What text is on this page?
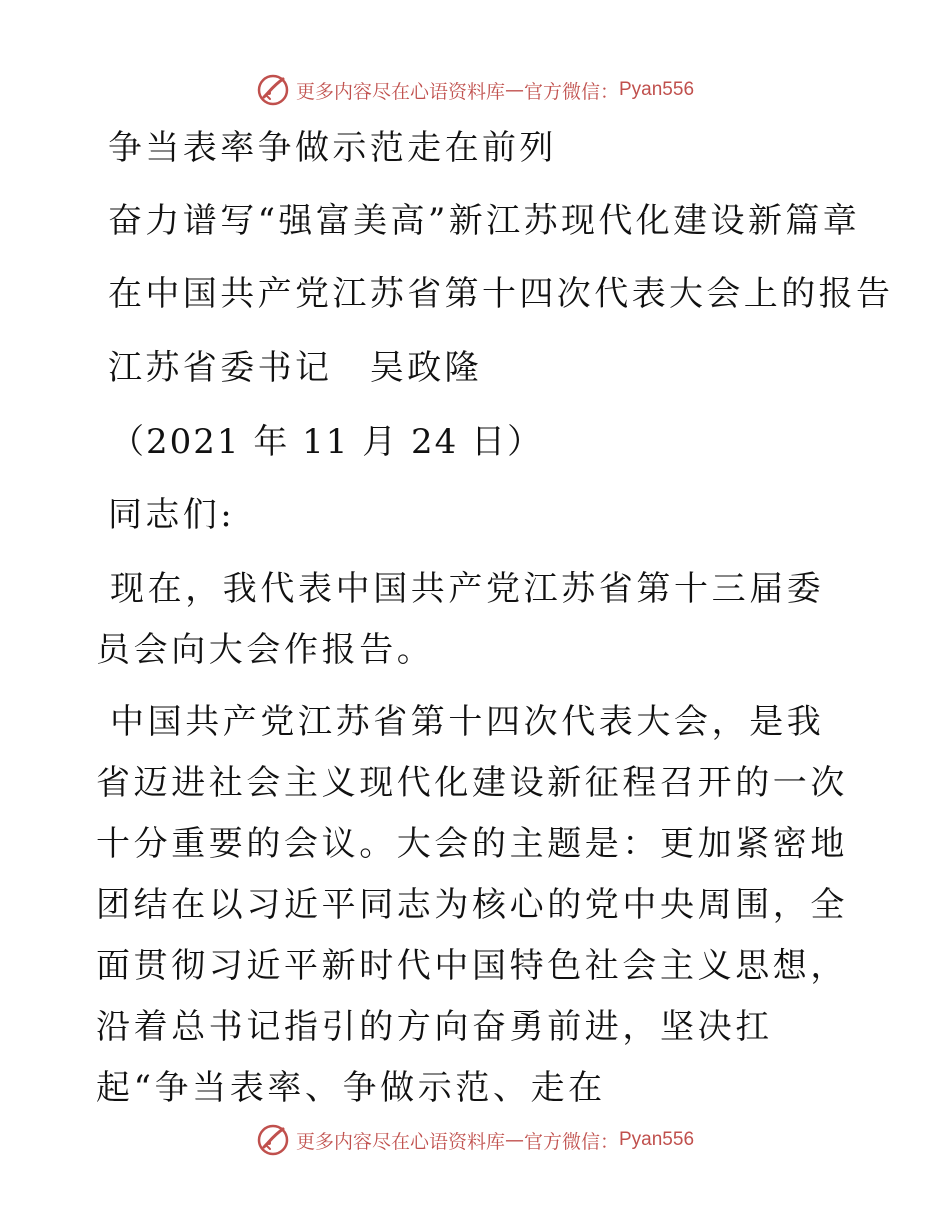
更多内容尽在心语资料库 — 官方微信： Pyan556
争当表率争做示范走在前列
奋力谱写“强富美高”新江苏现代化建设新篇章
在中国共产党江苏省第十四次代表大会上的报告
江苏省委书记　吴政隆
（2021 年 11 月 24 日）
同志们:

现在，我代表中国共产党江苏省第十三届委员会向大会作报告。

中国共产党江苏省第十四次代表大会，是我省迈进社会主义现代化建设新征程召开的一次十分重要的会议。大会的主题是：更加紧密地团结在以习近平同志为核心的党中央周围，全面贯彻习近平新时代中国特色社会主义思想，沿着总书记指引的方向奋勇前进，坚决扛起“争当表率、争做示范、走在

更多内容尽在心语资料库 — 官方微信： Pyan556
